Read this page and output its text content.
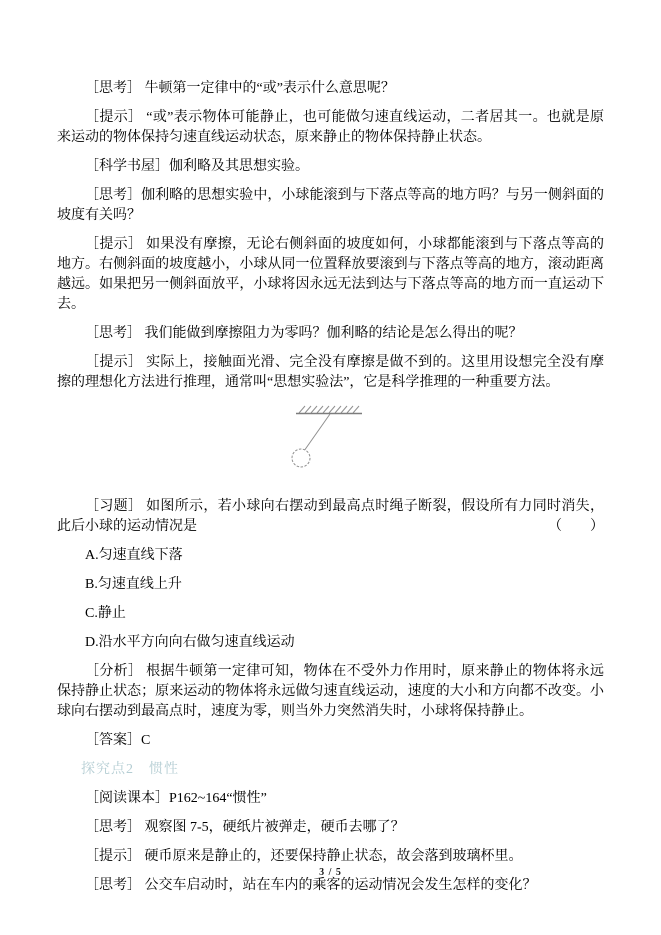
［思考］ 牛顿第一定律中的“或”表示什么意思呢？

［提示］ “或”表示物体可能静止，也可能做匀速直线运动，二者居其一。也就是原来运动的物体保持匀速直线运动状态，原来静止的物体保持静止状态。

［科学书屋］伽利略及其思想实验。

［思考］伽利略的思想实验中，小球能滚到与下落点等高的地方吗？与另一侧斜面的坡度有关吗？

［提示］ 如果没有摩擦，无论右侧斜面的坡度如何，小球都能滚到与下落点等高的地方。右侧斜面的坡度越小，小球从同一位置释放要滚到与下落点等高的地方，滚动距离越远。如果把另一侧斜面放平，小球将因永远无法到达与下落点等高的地方而一直运动下去。

［思考］ 我们能做到摩擦阻力为零吗？伽利略的结论是怎么得出的呢？

［提示］ 实际上，接触面光滑、完全没有摩擦是做不到的。这里用设想完全没有摩擦的理想化方法进行推理，通常叫“思想实验法”，它是科学推理的一种重要方法。

［习题］ 如图所示，若小球向右摆动到最高点时绳子断裂，假设所有力同时消失，此后小球的运动情况是	（　　）

A.匀速直线下落

B.匀速直线上升

C.静止

D.沿水平方向向右做匀速直线运动

［分析］ 根据牛顿第一定律可知，物体在不受外力作用时，原来静止的物体将永远保持静止状态；原来运动的物体将永远做匀速直线运动，速度的大小和方向都不改变。小球向右摆动到最高点时，速度为零，则当外力突然消失时，小球将保持静止。

［答案］C

探究点2　惯性

［阅读课本］P162~164“惯性”

［思考］ 观察图 7-5，硬纸片被弹走，硬币去哪了？

［提示］ 硬币原来是静止的，还要保持静止状态，故会落到玻璃杯里。

［思考］ 公交车启动时，站在车内的乘客的运动情况会发生怎样的变化？

3 / 5
